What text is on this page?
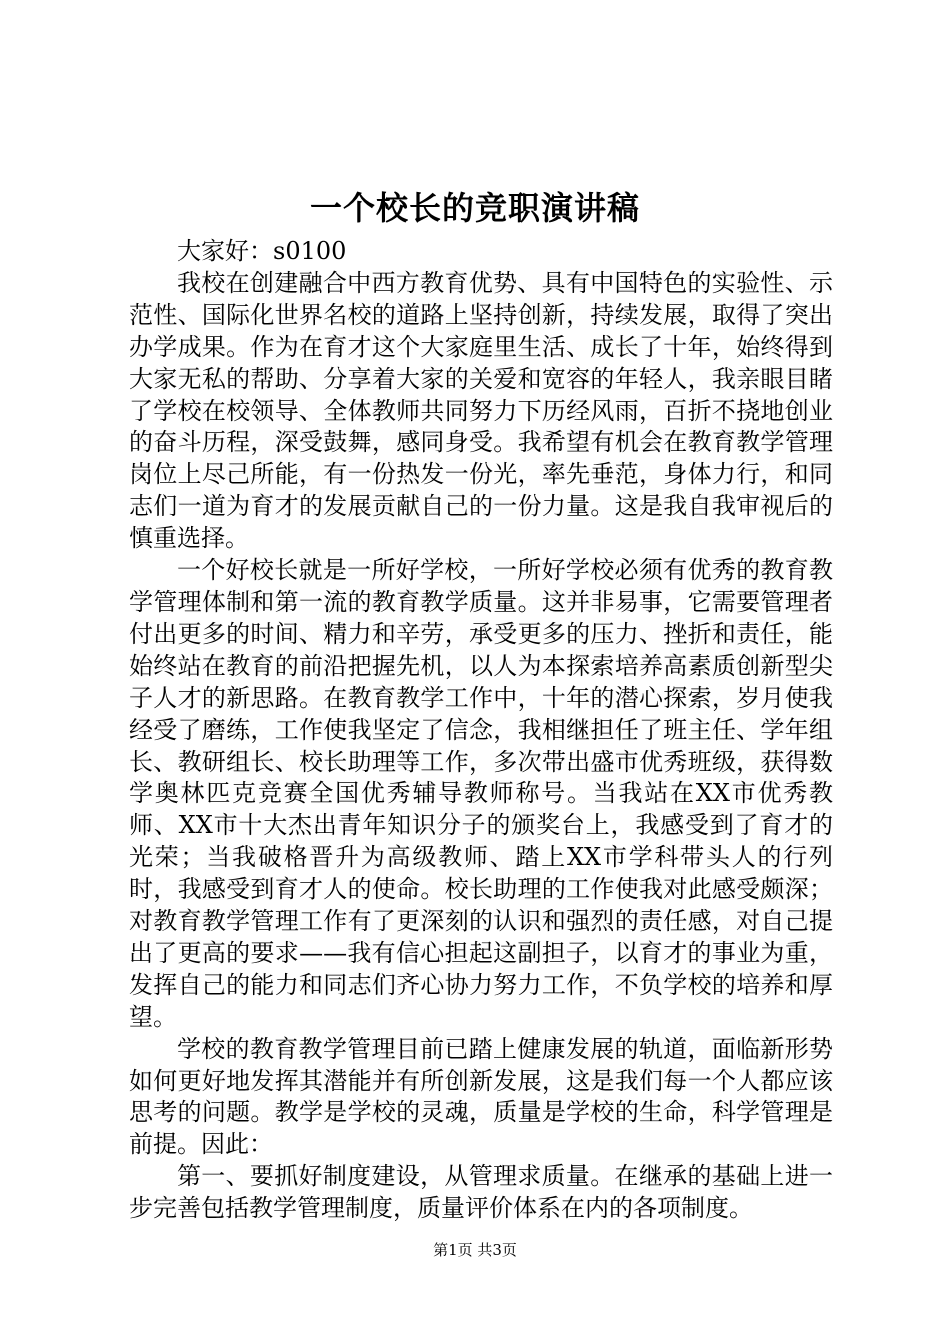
一个校长的竞职演讲稿

大家好：s0100

我校在创建融合中西方教育优势、具有中国特色的实验性、示范性、国际化世界名校的道路上坚持创新，持续发展，取得了突出办学成果。作为在育才这个大家庭里生活、成长了十年，始终得到大家无私的帮助、分享着大家的关爱和宽容的年轻人，我亲眼目睹了学校在校领导、全体教师共同努力下历经风雨，百折不挠地创业的奋斗历程，深受鼓舞，感同身受。我希望有机会在教育教学管理岗位上尽己所能，有一份热发一份光，率先垂范，身体力行，和同志们一道为育才的发展贡献自己的一份力量。这是我自我审视后的慎重选择。

一个好校长就是一所好学校，一所好学校必须有优秀的教育教学管理体制和第一流的教育教学质量。这并非易事，它需要管理者付出更多的时间、精力和辛劳，承受更多的压力、挫折和责任，能始终站在教育的前沿把握先机，以人为本探索培养高素质创新型尖子人才的新思路。在教育教学工作中，十年的潜心探索，岁月使我经受了磨练，工作使我坚定了信念，我相继担任了班主任、学年组长、教研组长、校长助理等工作，多次带出盛市优秀班级，获得数学奥林匹克竞赛全国优秀辅导教师称号。当我站在XX市优秀教师、XX市十大杰出青年知识分子的颁奖台上，我感受到了育才的光荣；当我破格晋升为高级教师、踏上XX市学科带头人的行列时，我感受到育才人的使命。校长助理的工作使我对此感受颇深；对教育教学管理工作有了更深刻的认识和强烈的责任感，对自己提出了更高的要求——我有信心担起这副担子，以育才的事业为重，发挥自己的能力和同志们齐心协力努力工作，不负学校的培养和厚望。

学校的教育教学管理目前已踏上健康发展的轨道，面临新形势如何更好地发挥其潜能并有所创新发展，这是我们每一个人都应该思考的问题。教学是学校的灵魂，质量是学校的生命，科学管理是前提。因此：

第一、要抓好制度建设，从管理求质量。在继承的基础上进一步完善包括教学管理制度，质量评价体系在内的各项制度。

第1页 共3页
